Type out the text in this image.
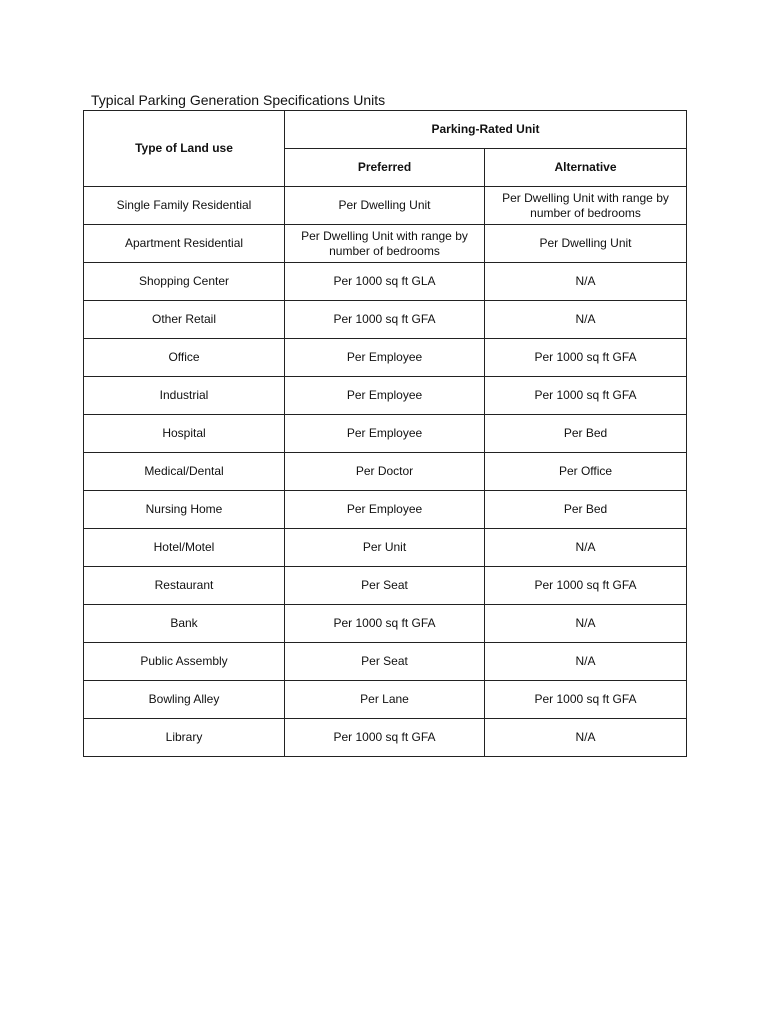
Typical Parking Generation Specifications Units
Type of Land use	Parking-Rated Unit	
	Preferred	Alternative
Single Family Residential	Per Dwelling Unit	Per Dwelling Unit with range by number of bedrooms
Apartment Residential	Per Dwelling Unit with range by number of bedrooms	Per Dwelling Unit
Shopping Center	Per 1000 sq ft GLA	N/A
Other Retail	Per 1000 sq ft GFA	N/A
Office	Per Employee	Per 1000 sq ft GFA
Industrial	Per Employee	Per 1000 sq ft GFA
Hospital	Per Employee	Per Bed
Medical/Dental	Per Doctor	Per Office
Nursing Home	Per Employee	Per Bed
Hotel/Motel	Per Unit	N/A
Restaurant	Per Seat	Per 1000 sq ft GFA
Bank	Per 1000 sq ft GFA	N/A
Public Assembly	Per Seat	N/A
Bowling Alley	Per Lane	Per 1000 sq ft GFA
Library	Per 1000 sq ft GFA	N/A
